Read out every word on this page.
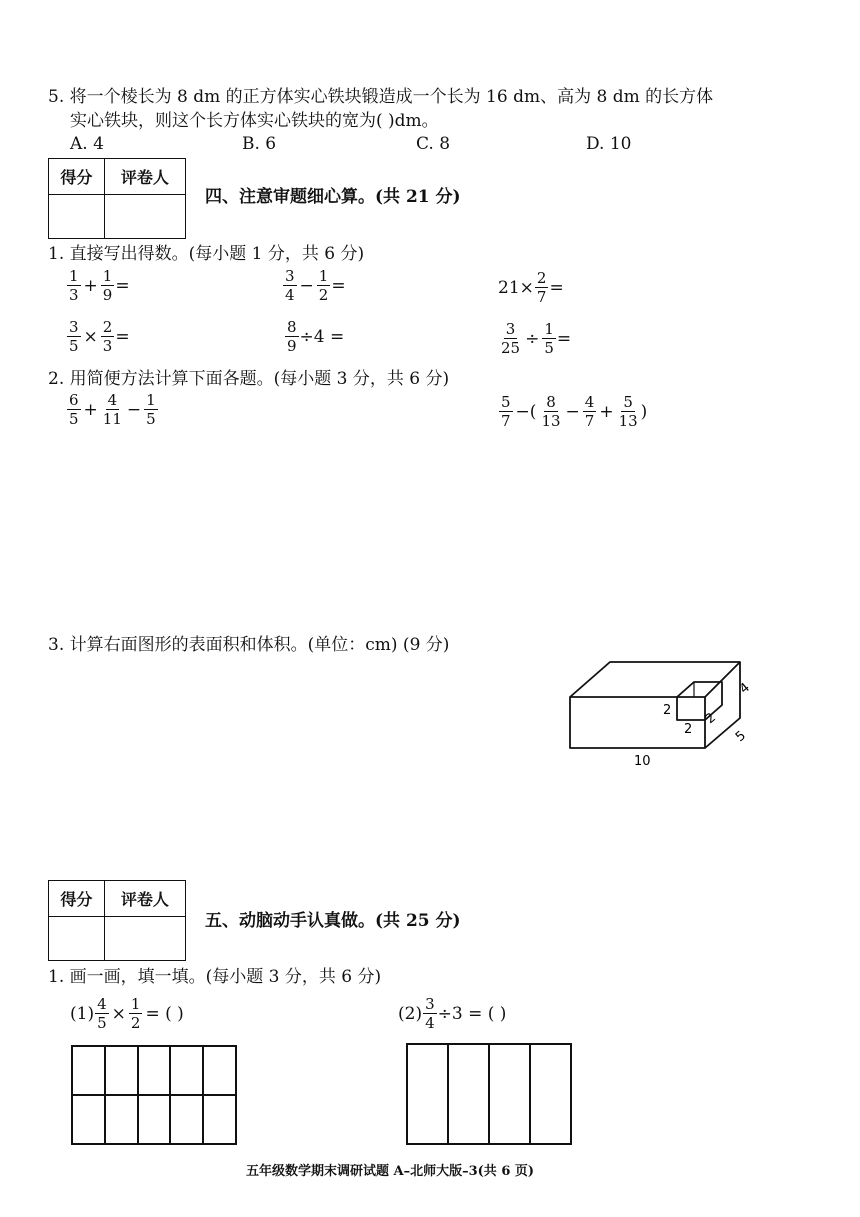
5. 将一个棱长为 8 dm 的正方体实心铁块锻造成一个长为 16 dm、高为 8 dm 的长方体
实心铁块，则这个长方体实心铁块的宽为( )dm。
A. 4	B. 6	C. 8	D. 10
得分	评卷人

四、注意审题细心算。(共 21 分)
1. 直接写出得数。(每小题 1 分，共 6 分)
$\frac{1}{3} + \frac{1}{9}$ =	$\frac{3}{4} - \frac{1}{2}$ =	$21\times \frac{2}{7}$ =
$\frac{3}{5} \times \frac{2}{3}$ =	$\frac{8}{9} \div 4$ =	$\frac{3}{25} \div \frac{1}{5}$ =
2. 用简便方法计算下面各题。(每小题 3 分，共 6 分)
$\frac{6}{5} + \frac{4}{11} - \frac{1}{5}$	$\frac{5}{7}$ −( $\frac{8}{13} - \frac{4}{7} + \frac{5}{13}$ )
3. 计算右面图形的表面积和体积。(单位：cm) (9 分)
10
5
4
2
2
2
得分	评卷人

五、动脑动手认真做。(共 25 分)
1. 画一画，填一填。(每小题 3 分，共 6 分)
$(1) \frac{4}{5} \times \frac{1}{2}$ = ( )	$(2) \frac{3}{4} \div 3$ = ( )
五年级数学期末调研试题 A–北师大版–3(共 6 页)
